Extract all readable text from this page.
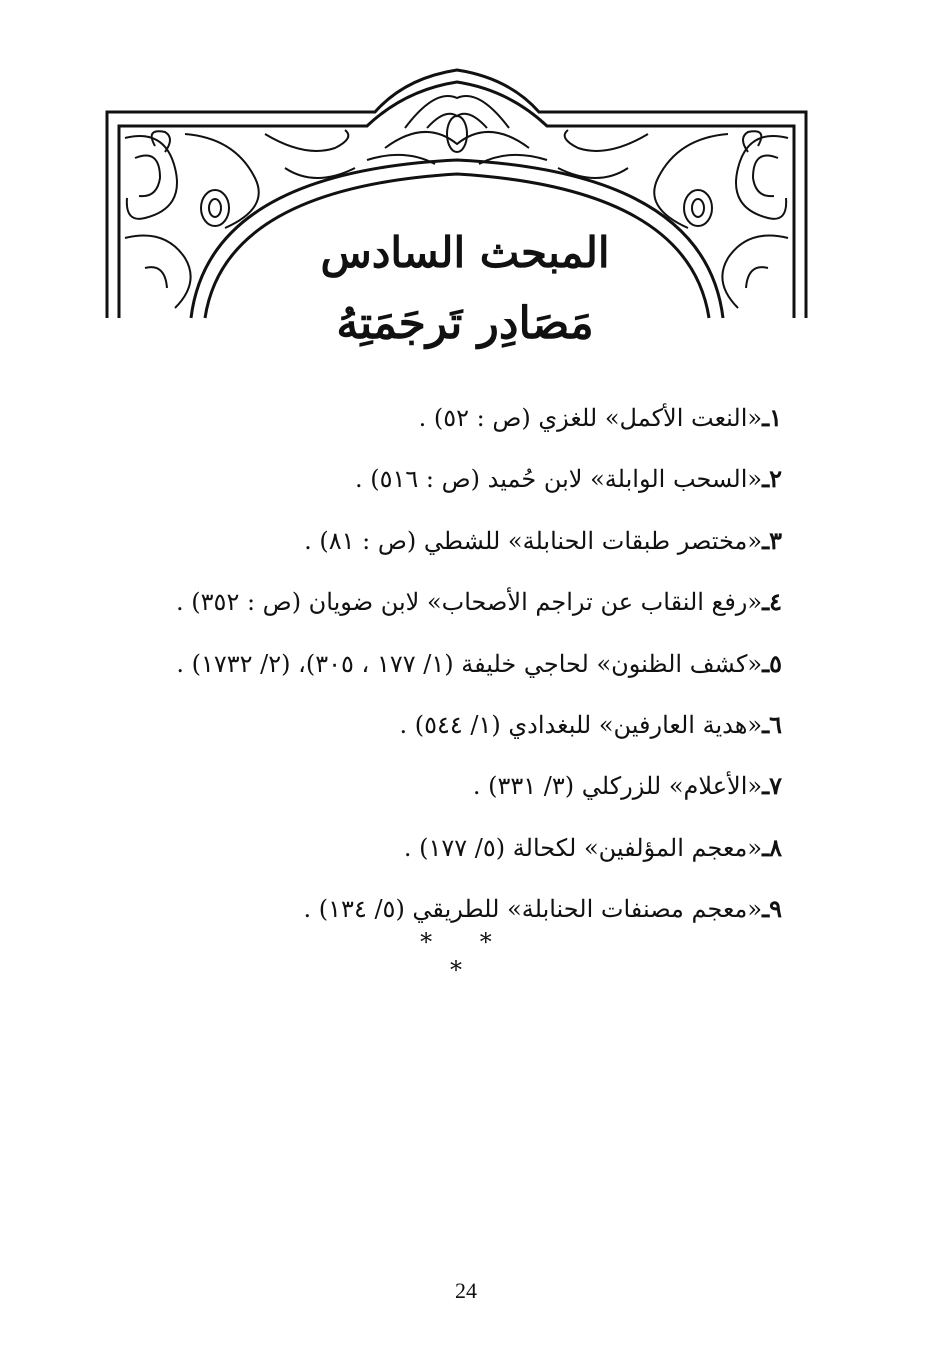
المبحث السادس
مَصَادِر تَرجَمَتِهُ
١ـ«النعت الأكمل» للغزي (ص : ٥٢) .
٢ـ«السحب الوابلة» لابن حُميد (ص : ٥١٦) .
٣ـ«مختصر طبقات الحنابلة» للشطي (ص : ٨١) .
٤ـ«رفع النقاب عن تراجم الأصحاب» لابن ضويان (ص : ٣٥٢) .
٥ـ«كشف الظنون» لحاجي خليفة (١/ ١٧٧ ، ٣٠٥)، (٢/ ١٧٣٢) .
٦ـ«هدية العارفين» للبغدادي (١/ ٥٤٤) .
٧ـ«الأعلام» للزركلي (٣/ ٣٣١) .
٨ـ«معجم المؤلفين» لكحالة (٥/ ١٧٧) .
٩ـ«معجم مصنفات الحنابلة» للطريقي (٥/ ١٣٤) .
* * *
24
